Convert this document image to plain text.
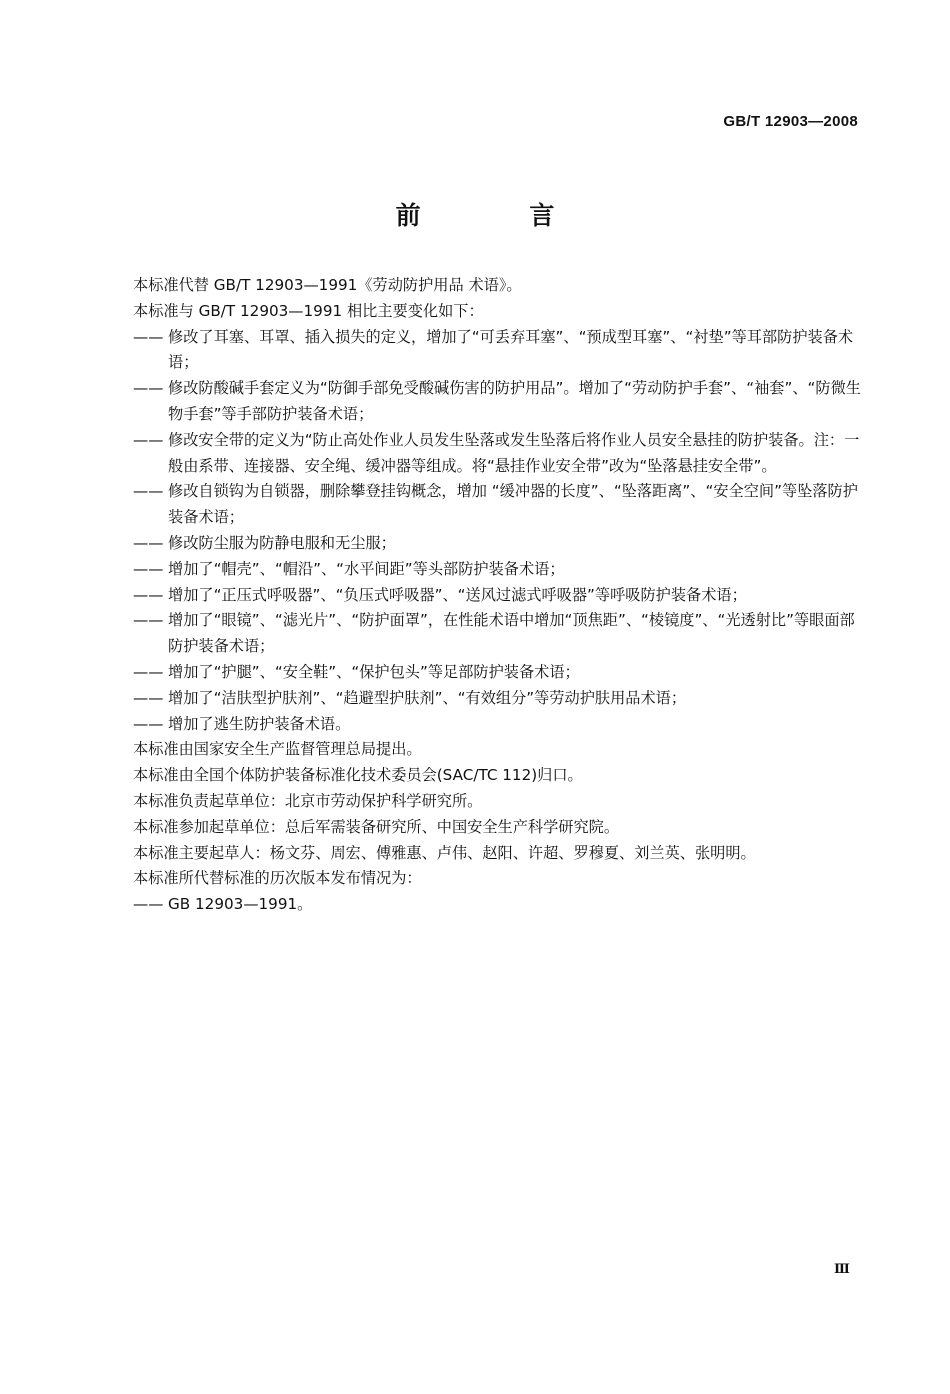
GB/T 12903—2008
前 言
本标准代替 GB/T 12903—1991《劳动防护用品 术语》。
本标准与 GB/T 12903—1991 相比主要变化如下：
—— 修改了耳塞、耳罩、插入损失的定义，增加了“可丢弃耳塞”、“预成型耳塞”、“衬垫”等耳部防护装备术语；
—— 修改防酸碱手套定义为“防御手部免受酸碱伤害的防护用品”。增加了“劳动防护手套”、“袖套”、“防微生物手套”等手部防护装备术语；
—— 修改安全带的定义为“防止高处作业人员发生坠落或发生坠落后将作业人员安全悬挂的防护装备。注：一般由系带、连接器、安全绳、缓冲器等组成。将“悬挂作业安全带”改为“坠落悬挂安全带”。
—— 修改自锁钩为自锁器，删除攀登挂钩概念，增加 “缓冲器的长度”、“坠落距离”、“安全空间”等坠落防护装备术语；
—— 修改防尘服为防静电服和无尘服；
—— 增加了“帽壳”、“帽沿”、“水平间距”等头部防护装备术语；
—— 增加了“正压式呼吸器”、“负压式呼吸器”、“送风过滤式呼吸器”等呼吸防护装备术语；
—— 增加了“眼镜”、“滤光片”、“防护面罩”，在性能术语中增加“顶焦距”、“棱镜度”、“光透射比”等眼面部防护装备术语；
—— 增加了“护腿”、“安全鞋”、“保护包头”等足部防护装备术语；
—— 增加了“洁肤型护肤剂”、“趋避型护肤剂”、“有效组分”等劳动护肤用品术语；
—— 增加了逃生防护装备术语。
本标准由国家安全生产监督管理总局提出。
本标准由全国个体防护装备标准化技术委员会(SAC/TC 112)归口。
本标准负责起草单位：北京市劳动保护科学研究所。
本标准参加起草单位：总后军需装备研究所、中国安全生产科学研究院。
本标准主要起草人：杨文芬、周宏、傅雅惠、卢伟、赵阳、许超、罗穆夏、刘兰英、张明明。
本标准所代替标准的历次版本发布情况为：
—— GB 12903—1991。
Ⅲ
